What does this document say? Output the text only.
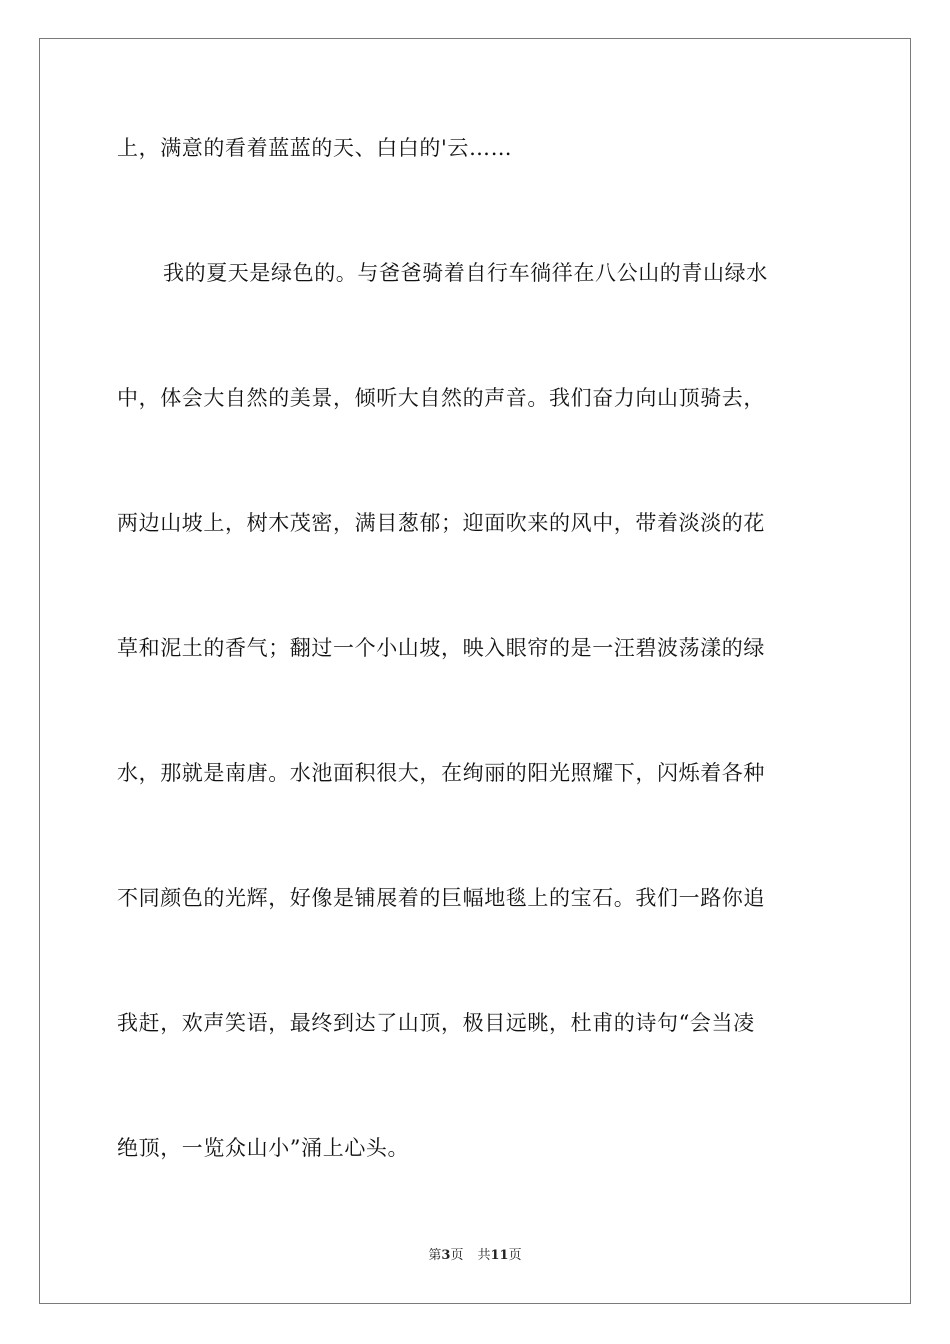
上，满意的看着蓝蓝的天、白白的'云……
我的夏天是绿色的。与爸爸骑着自行车徜徉在八公山的青山绿水
中，体会大自然的美景，倾听大自然的声音。我们奋力向山顶骑去，
两边山坡上，树木茂密，满目葱郁；迎面吹来的风中，带着淡淡的花
草和泥土的香气；翻过一个小山坡，映入眼帘的是一汪碧波荡漾的绿
水，那就是南唐。水池面积很大，在绚丽的阳光照耀下，闪烁着各种
不同颜色的光辉，好像是铺展着的巨幅地毯上的宝石。我们一路你追
我赶，欢声笑语，最终到达了山顶，极目远眺，杜甫的诗句“会当凌
绝顶，一览众山小”涌上心头。
第3页 共11页
